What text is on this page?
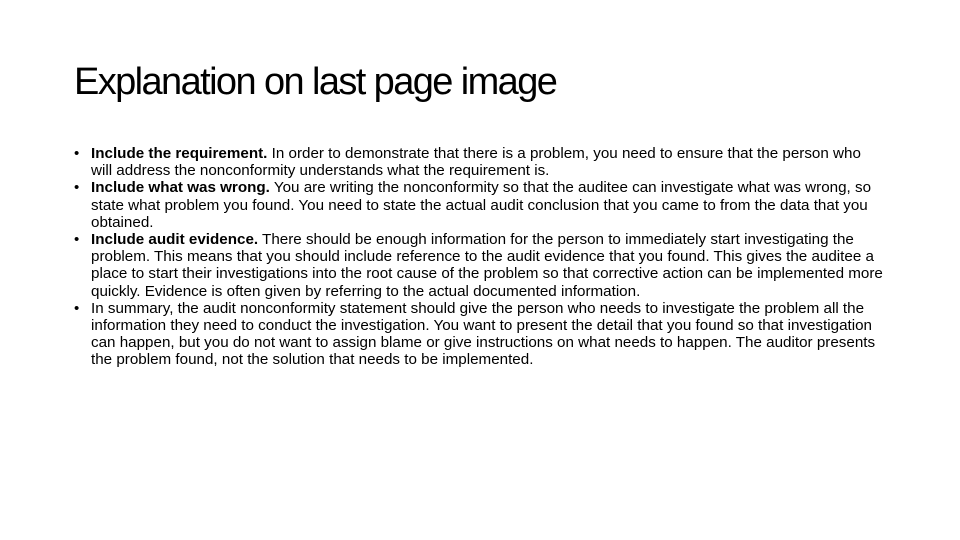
Explanation on last page image
• Include the requirement. In order to demonstrate that there is a problem, you need to ensure that the person who will address the nonconformity understands what the requirement is.
• Include what was wrong. You are writing the nonconformity so that the auditee can investigate what was wrong, so state what problem you found. You need to state the actual audit conclusion that you came to from the data that you obtained.
• Include audit evidence. There should be enough information for the person to immediately start investigating the problem. This means that you should include reference to the audit evidence that you found. This gives the auditee a place to start their investigations into the root cause of the problem so that corrective action can be implemented more quickly. Evidence is often given by referring to the actual documented information.
• In summary, the audit nonconformity statement should give the person who needs to investigate the problem all the information they need to conduct the investigation. You want to present the detail that you found so that investigation can happen, but you do not want to assign blame or give instructions on what needs to happen. The auditor presents the problem found, not the solution that needs to be implemented.
